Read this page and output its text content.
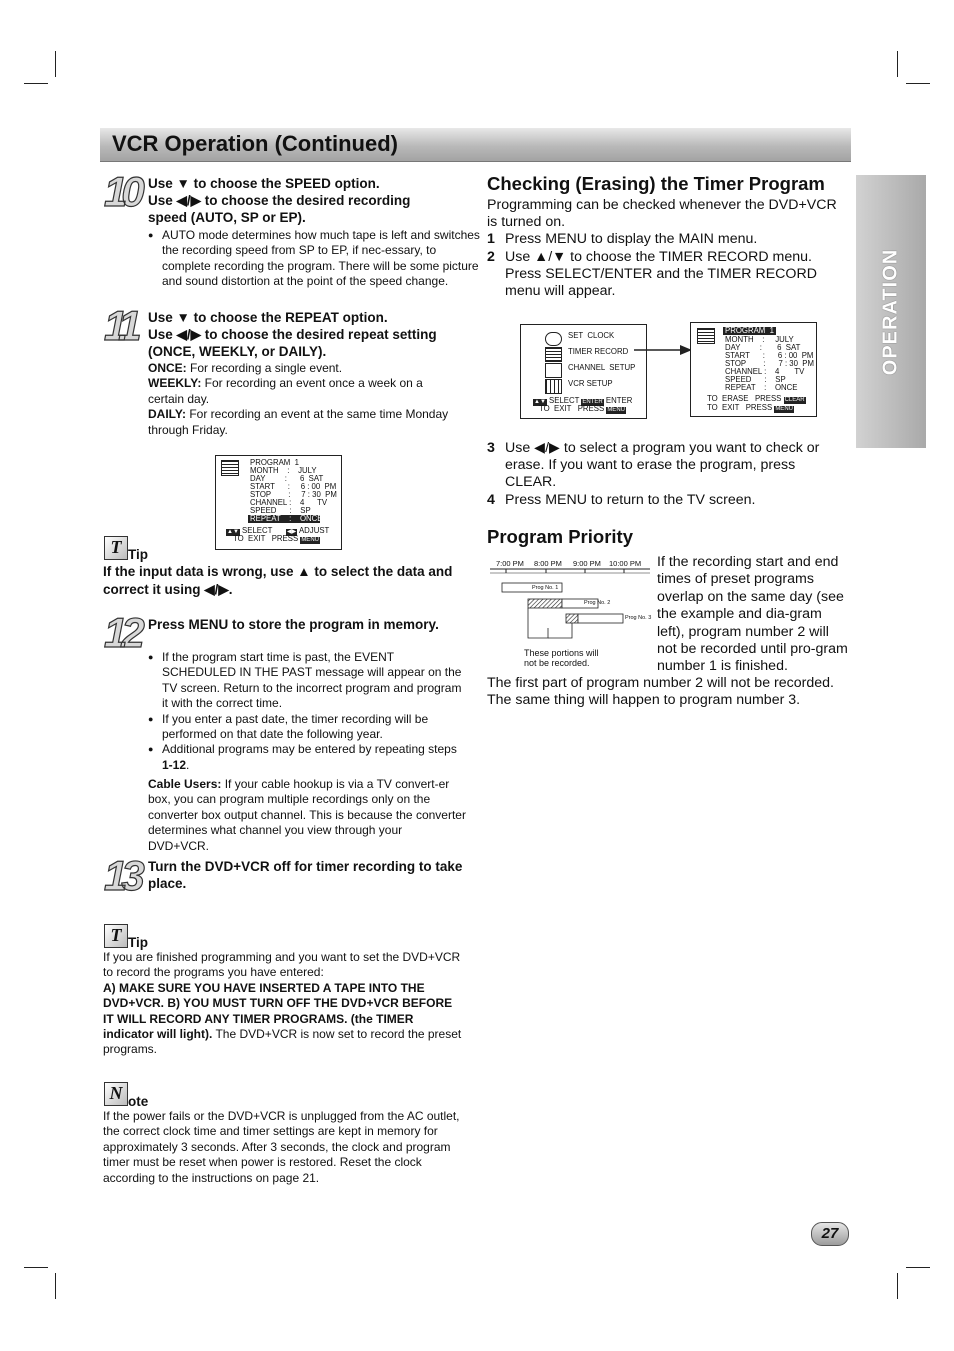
VCR Operation (Continued)
OPERATION
10 Use ▼ to choose the SPEED option.
Use ◀/▶ to choose the desired recording
speed (AUTO, SP or EP).
● AUTO mode determines how much tape is left and switches the recording speed from SP to EP, if nec-essary, to complete recording the program. There will be some picture and sound distortion at the point of the speed change.
11 Use ▼ to choose the REPEAT option.
Use ◀/▶ to choose the desired repeat setting
(ONCE, WEEKLY, or DAILY).
ONCE: For recording a single event.
WEEKLY: For recording an event once a week on a certain day.
DAILY: For recording an event at the same time Monday through Friday.
PROGRAM  1
MONTH    :    JULY
DAY         :      6  SAT
START      :     6 : 00  PM
STOP        :     7 : 30  PM
CHANNEL :    4      TV
SPEED      :    SP
REPEAT    :    ONCE
▲▼ SELECT ◀▶ ADJUST
TO  EXIT   PRESS MENU
T Tip
If the input data is wrong, use ▲ to select the data and correct it using ◀/▶.
12 Press MENU to store the program in memory.
● If the program start time is past, the EVENT SCHEDULED IN THE PAST message will appear on the TV screen. Return to the incorrect program and program it with the correct time.
● If you enter a past date, the timer recording will be performed on that date the following year.
● Additional programs may be entered by repeating steps 1-12.
Cable Users: If your cable hookup is via a TV convert-er box, you can program multiple recordings only on the converter box output channel. This is because the converter determines what channel you view through your DVD+VCR.
13 Turn the DVD+VCR off for timer recording to take place.
T Tip
If you are finished programming and you want to set the DVD+VCR to record the programs you have entered:
A) MAKE SURE YOU HAVE INSERTED A TAPE INTO THE DVD+VCR. B) YOU MUST TURN OFF THE DVD+VCR BEFORE IT WILL RECORD ANY TIMER PROGRAMS. (the TIMER indicator will light). The DVD+VCR is now set to record the preset programs.
N ote
If the power fails or the DVD+VCR is unplugged from the AC outlet, the correct clock time and timer settings are kept in memory for approximately 3 seconds. After 3 seconds, the clock and program timer must be reset when power is restored. Reset the clock according to the instructions on page 21.
Checking (Erasing) the Timer Program
Programming can be checked whenever the DVD+VCR is turned on.
1 Press MENU to display the MAIN menu.
2 Use ▲/▼ to choose the TIMER RECORD menu. Press SELECT/ENTER and the TIMER RECORD menu will appear.
SET  CLOCK
TIMER RECORD
CHANNEL  SETUP
VCR SETUP
▲▼ SELECT ENTER ENTER
TO  EXIT   PRESS MENU
PROGRAM  1
MONTH    :     JULY
DAY         :       6  SAT
START      :      6 : 00  PM
STOP        :      7 : 30  PM
CHANNEL :    4       TV
SPEED      :    SP
REPEAT    :    ONCE
TO  ERASE   PRESS CLEAR
TO  EXIT   PRESS MENU
3 Use ◀/▶ to select a program you want to check or erase. If you want to erase the program, press CLEAR.
4 Press MENU to return to the TV screen.
Program Priority
7:00 PM 8:00 PM 9:00 PM 10:00 PM
Prog No. 1
Prog No. 2
Prog No. 3
These portions will
not be recorded.
If the recording start and end times of preset programs overlap on the same day (see the example and dia-gram left), program number 2 will not be recorded until pro-gram number 1 is finished.
The first part of program number 2 will not be recorded. The same thing will happen to program number 3.
27
